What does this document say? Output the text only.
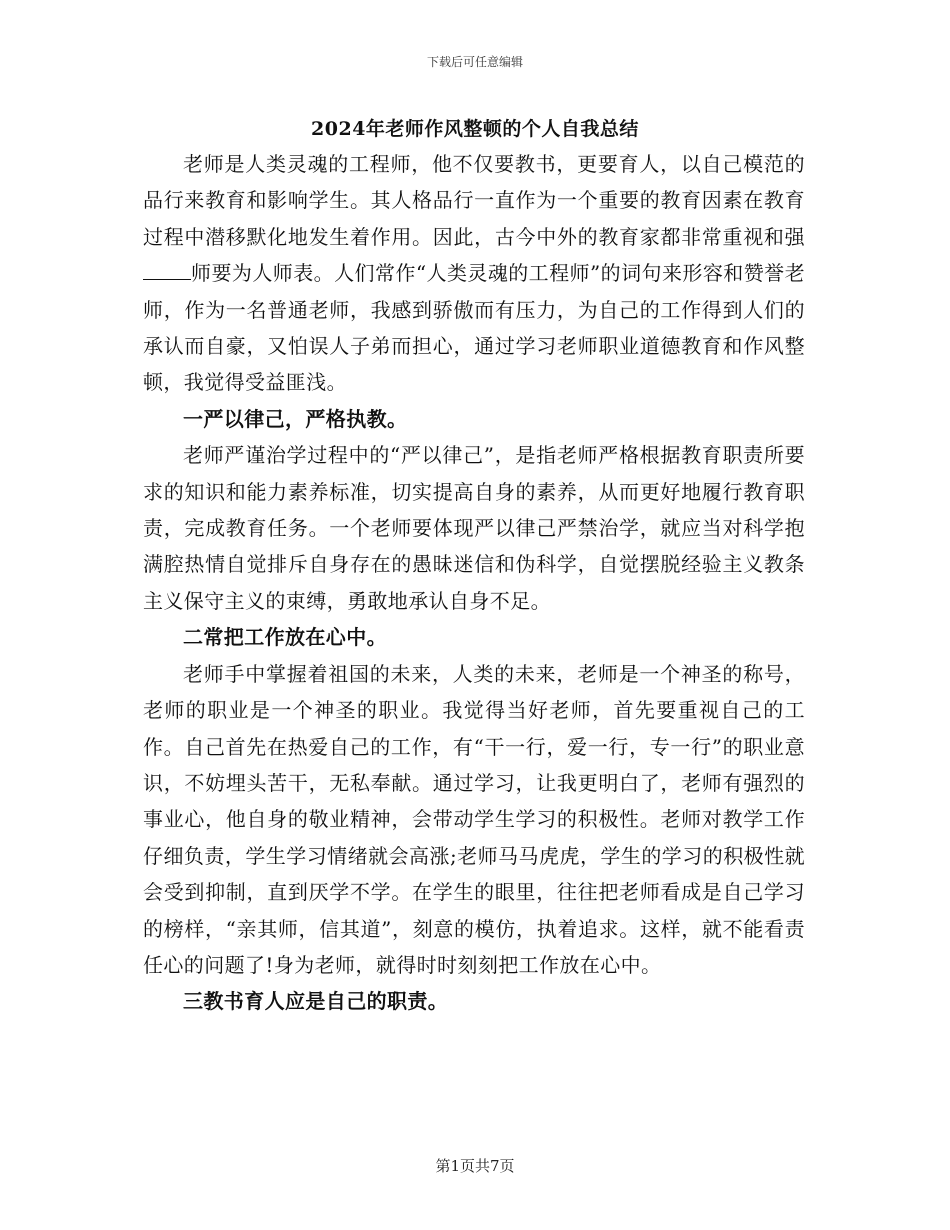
下载后可任意编辑
2024年老师作风整顿的个人自我总结

老师是人类灵魂的工程师，他不仅要教书，更要育人，以自己模范的品行来教育和影响学生。其人格品行一直作为一个重要的教育因素在教育过程中潜移默化地发生着作用。因此，古今中外的教育家都非常重视和强师要为人师表。人们常作“人类灵魂的工程师”的词句来形容和赞誉老师，作为一名普通老师，我感到骄傲而有压力，为自己的工作得到人们的承认而自豪，又怕误人子弟而担心，通过学习老师职业道德教育和作风整顿，我觉得受益匪浅。

一严以律己，严格执教。

老师严谨治学过程中的“严以律己”，是指老师严格根据教育职责所要求的知识和能力素养标准，切实提高自身的素养，从而更好地履行教育职责，完成教育任务。一个老师要体现严以律己严禁治学，就应当对科学抱满腔热情自觉排斥自身存在的愚昧迷信和伪科学，自觉摆脱经验主义教条主义保守主义的束缚，勇敢地承认自身不足。

二常把工作放在心中。

老师手中掌握着祖国的未来，人类的未来，老师是一个神圣的称号，老师的职业是一个神圣的职业。我觉得当好老师，首先要重视自己的工作。自己首先在热爱自己的工作，有“干一行，爱一行，专一行”的职业意识，不妨埋头苦干，无私奉献。通过学习，让我更明白了，老师有强烈的事业心，他自身的敬业精神，会带动学生学习的积极性。老师对教学工作仔细负责，学生学习情绪就会高涨;老师马马虎虎，学生的学习的积极性就会受到抑制，直到厌学不学。在学生的眼里，往往把老师看成是自己学习的榜样，“亲其师，信其道”，刻意的模仿，执着追求。这样，就不能看责任心的问题了!身为老师，就得时时刻刻把工作放在心中。

三教书育人应是自己的职责。

第1页共7页
